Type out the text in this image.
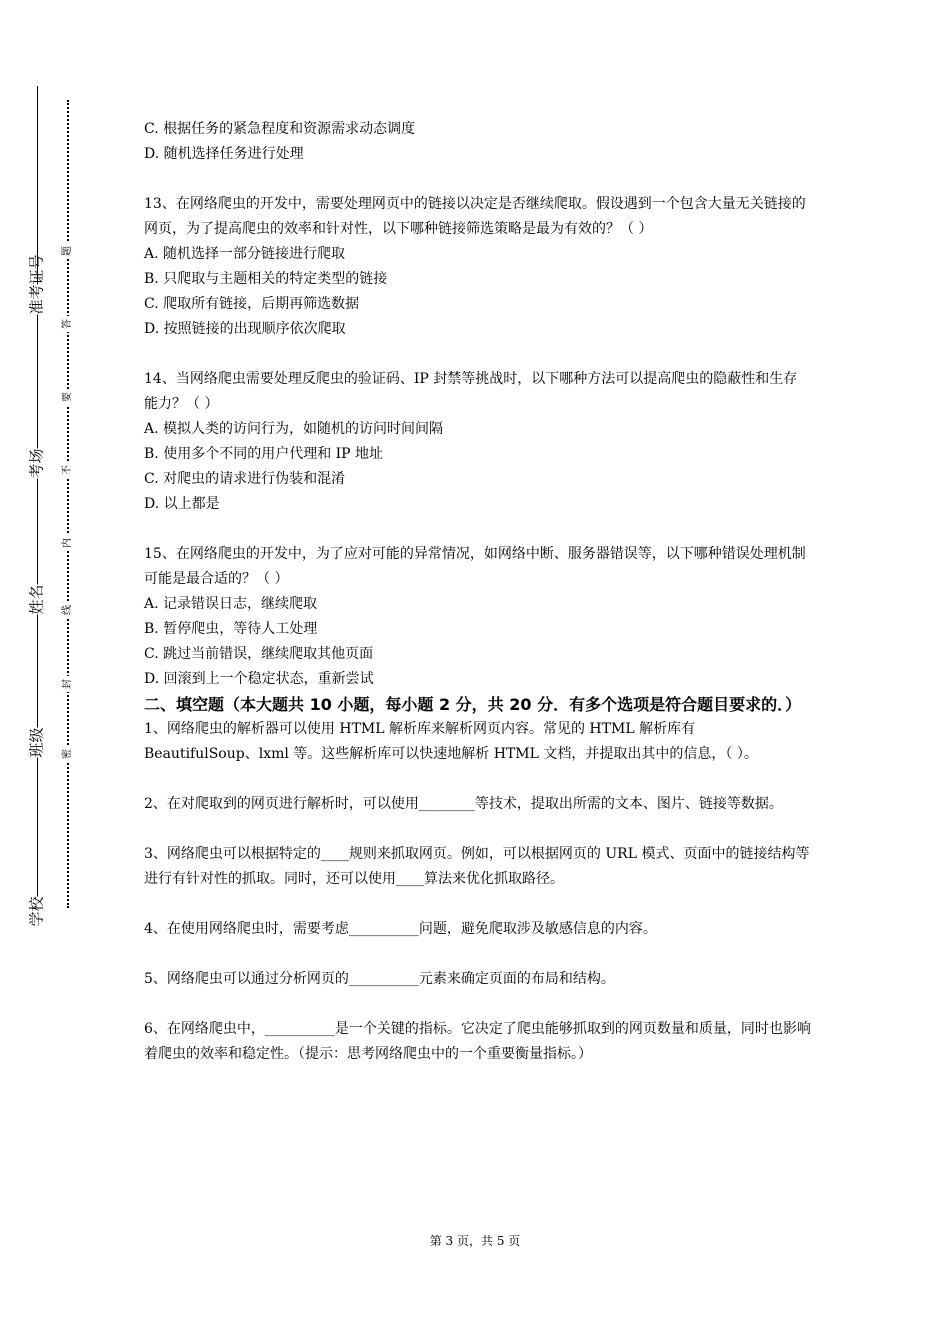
准考证号
考场
姓名
班级
学校
题
答
要
不
内
线
封
密

C. 根据任务的紧急程度和资源需求动态调度

D. 随机选择任务进行处理

13、在网络爬虫的开发中，需要处理网页中的链接以决定是否继续爬取。假设遇到一个包含大量无关链接的网页，为了提高爬虫的效率和针对性，以下哪种链接筛选策略是最为有效的？（ ）

A. 随机选择一部分链接进行爬取

B. 只爬取与主题相关的特定类型的链接

C. 爬取所有链接，后期再筛选数据

D. 按照链接的出现顺序依次爬取

14、当网络爬虫需要处理反爬虫的验证码、IP 封禁等挑战时，以下哪种方法可以提高爬虫的隐蔽性和生存能力？（ ）

A. 模拟人类的访问行为，如随机的访问时间间隔

B. 使用多个不同的用户代理和 IP 地址

C. 对爬虫的请求进行伪装和混淆

D. 以上都是

15、在网络爬虫的开发中，为了应对可能的异常情况，如网络中断、服务器错误等，以下哪种错误处理机制可能是最合适的？（ ）

A. 记录错误日志，继续爬取

B. 暂停爬虫，等待人工处理

C. 跳过当前错误，继续爬取其他页面

D. 回滚到上一个稳定状态，重新尝试

二、填空题（本大题共 10 小题，每小题 2 分，共 20 分．有多个选项是符合题目要求的．）

1、网络爬虫的解析器可以使用 HTML 解析库来解析网页内容。常见的 HTML 解析库有 BeautifulSoup、lxml 等。这些解析库可以快速地解析 HTML 文档，并提取出其中的信息，（ ）。

2、在对爬取到的网页进行解析时，可以使用________等技术，提取出所需的文本、图片、链接等数据。

3、网络爬虫可以根据特定的____规则来抓取网页。例如，可以根据网页的 URL 模式、页面中的链接结构等进行有针对性的抓取。同时，还可以使用____算法来优化抓取路径。

4、在使用网络爬虫时，需要考虑__________问题，避免爬取涉及敏感信息的内容。

5、网络爬虫可以通过分析网页的__________元素来确定页面的布局和结构。

6、在网络爬虫中，__________是一个关键的指标。它决定了爬虫能够抓取到的网页数量和质量，同时也影响着爬虫的效率和稳定性。（提示：思考网络爬虫中的一个重要衡量指标。）

第 3 页，共 5 页
